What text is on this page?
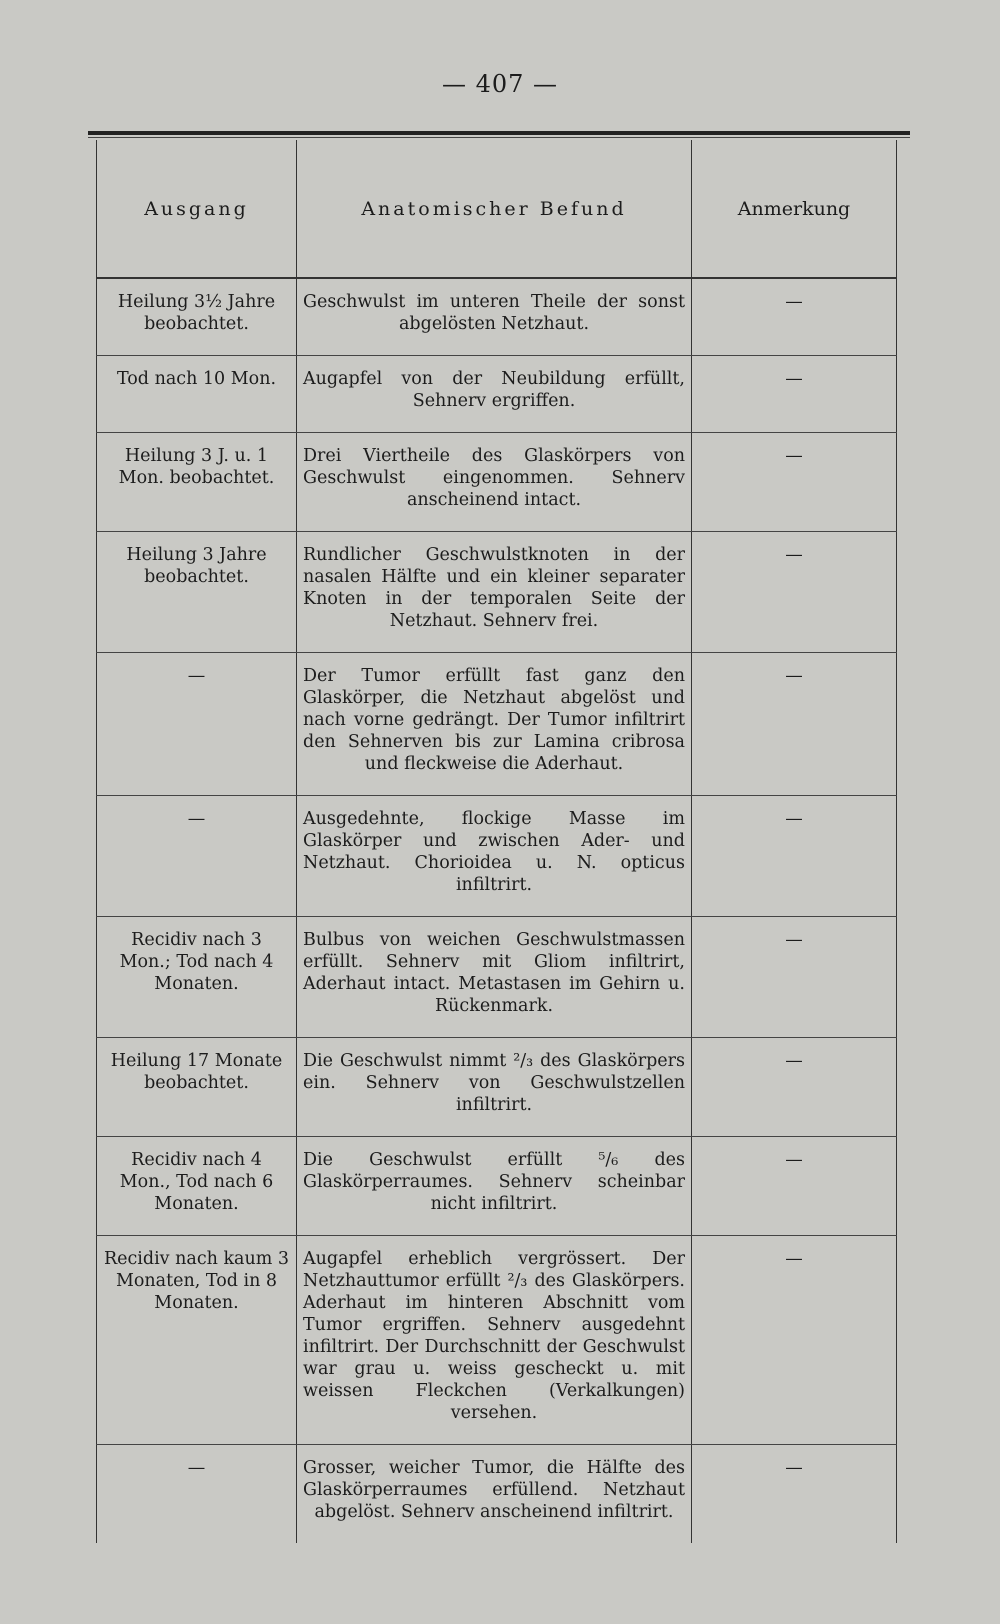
— 407 —
Ausgang	Anatomischer Befund	Anmerkung
Heilung 3½ Jahre beobachtet.	Geschwulst im unteren Theile der sonst abgelösten Netzhaut.	—
Tod nach 10 Mon.	Augapfel von der Neubildung erfüllt, Sehnerv ergriffen.	—
Heilung 3 J. u. 1 Mon. beobachtet.	Drei Viertheile des Glaskörpers von Geschwulst eingenommen. Sehnerv anscheinend intact.	—
Heilung 3 Jahre beobachtet.	Rundlicher Geschwulstknoten in der nasalen Hälfte und ein kleiner separater Knoten in der temporalen Seite der Netzhaut. Sehnerv frei.	—
—	Der Tumor erfüllt fast ganz den Glaskörper, die Netzhaut abgelöst und nach vorne gedrängt. Der Tumor infiltrirt den Sehnerven bis zur Lamina cribrosa und fleckweise die Aderhaut.	—
—	Ausgedehnte, flockige Masse im Glaskörper und zwischen Ader- und Netzhaut. Chorioidea u. N. opticus infiltrirt.	—
Recidiv nach 3 Mon.; Tod nach 4 Monaten.	Bulbus von weichen Geschwulstmassen erfüllt. Sehnerv mit Gliom infiltrirt, Aderhaut intact. Metastasen im Gehirn u. Rückenmark.	—
Heilung 17 Monate beobachtet.	Die Geschwulst nimmt ²/₃ des Glaskörpers ein. Sehnerv von Geschwulstzellen infiltrirt.	—
Recidiv nach 4 Mon., Tod nach 6 Monaten.	Die Geschwulst erfüllt ⁵/₆ des Glaskörperraumes. Sehnerv scheinbar nicht infiltrirt.	—
Recidiv nach kaum 3 Monaten, Tod in 8 Monaten.	Augapfel erheblich vergrössert. Der Netzhauttumor erfüllt ²/₃ des Glaskörpers. Aderhaut im hinteren Abschnitt vom Tumor ergriffen. Sehnerv ausgedehnt infiltrirt. Der Durchschnitt der Geschwulst war grau u. weiss gescheckt u. mit weissen Fleckchen (Verkalkungen) versehen.	—
—	Grosser, weicher Tumor, die Hälfte des Glaskörperraumes erfüllend. Netzhaut abgelöst. Sehnerv anscheinend infiltrirt.	—
